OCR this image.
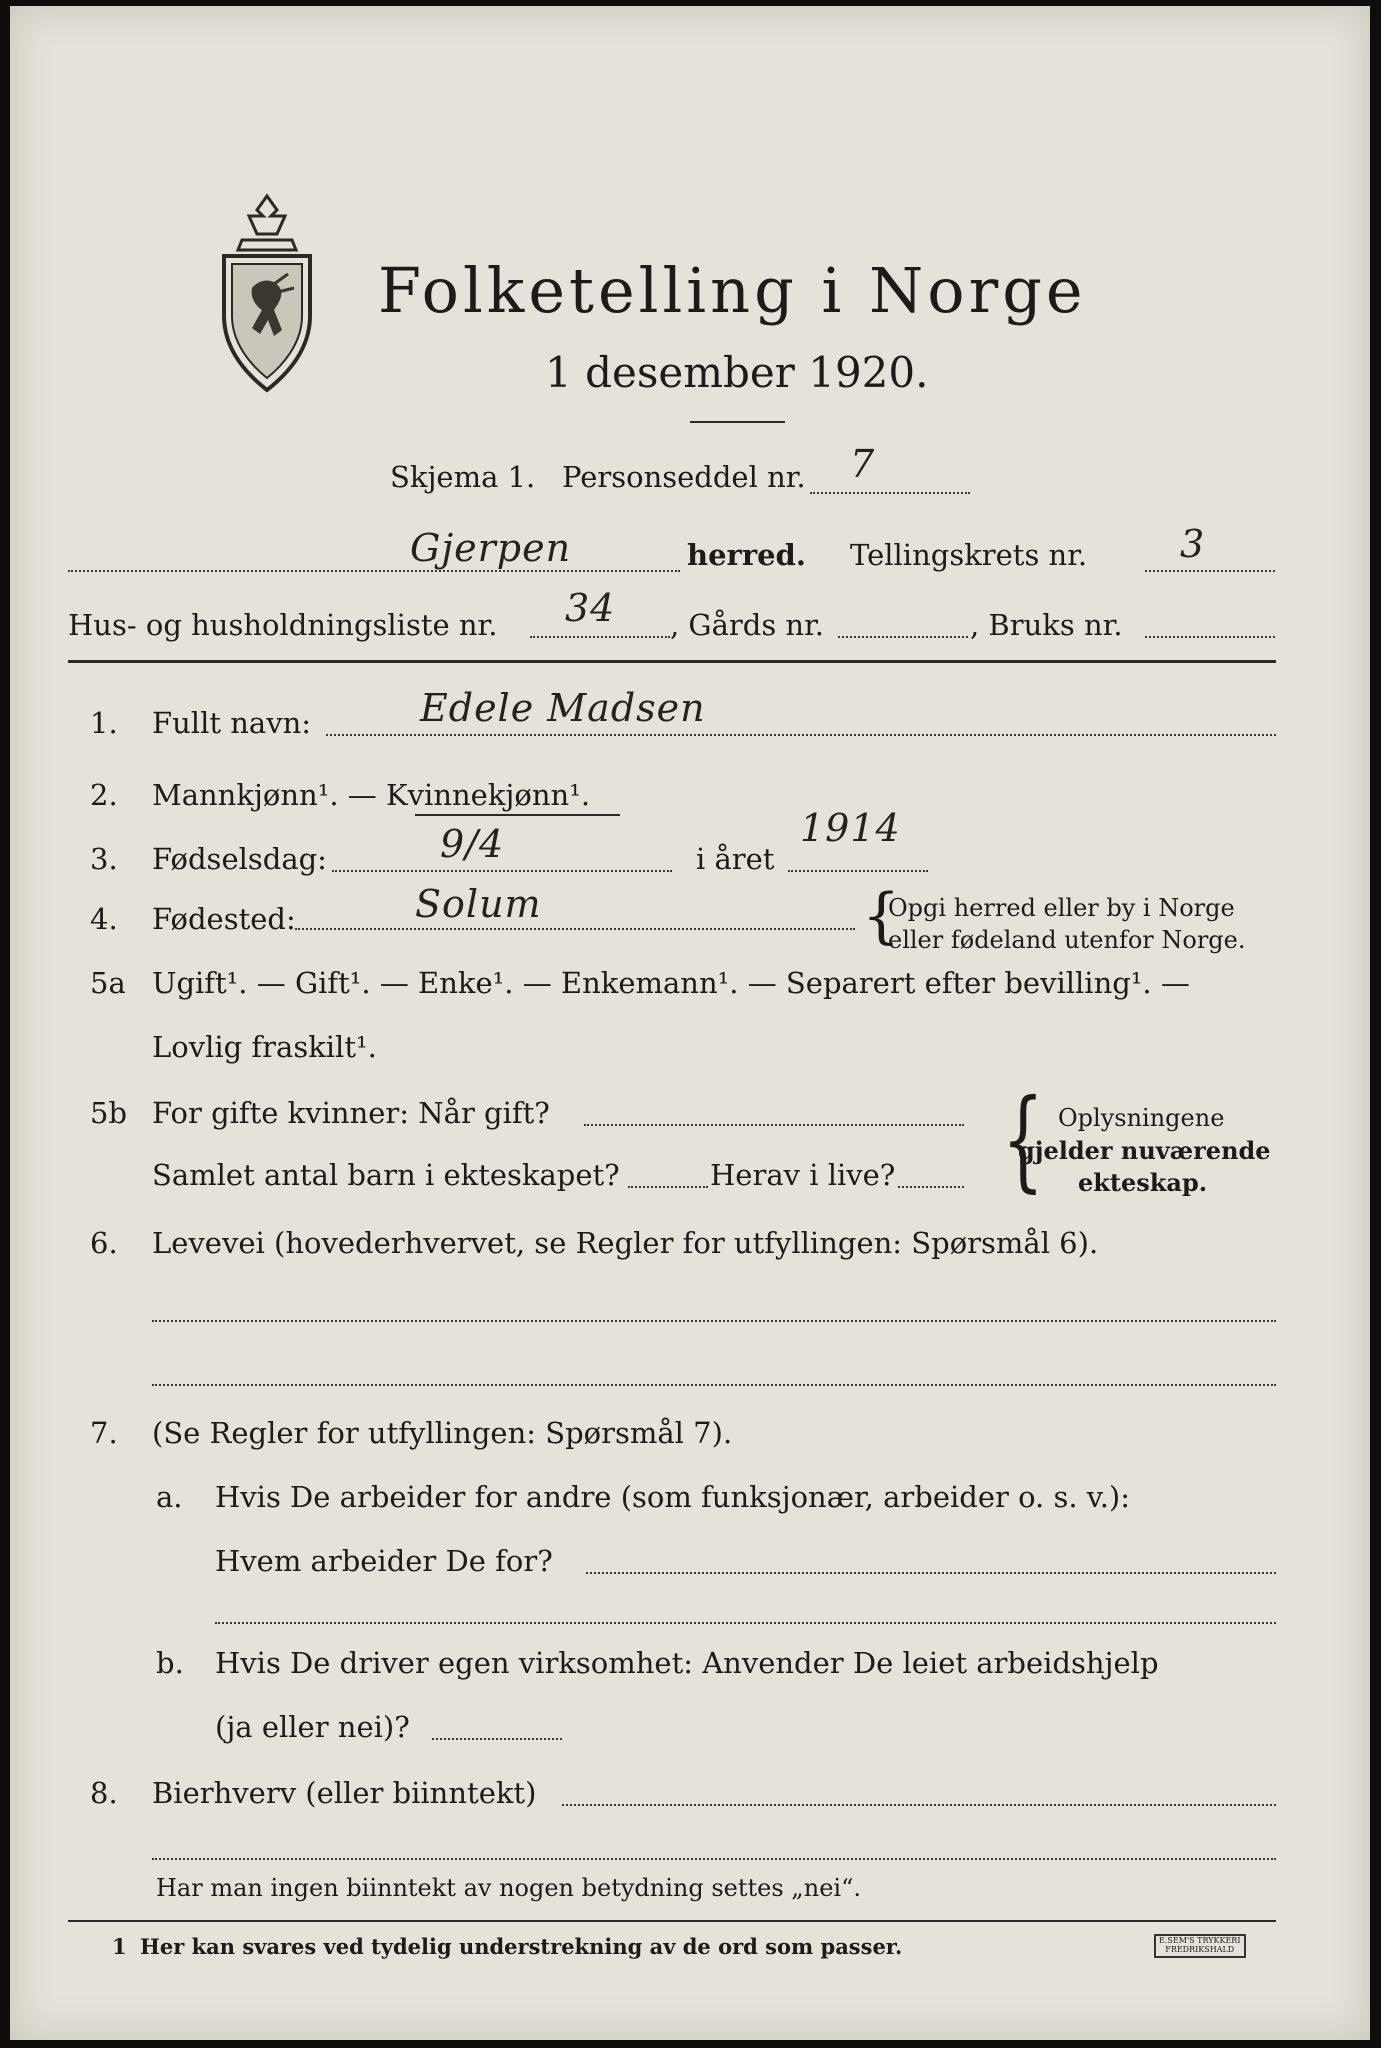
Folketelling i Norge
1 desember 1920.
Skjema 1. Personseddel nr. 7
Gjerpen	herred. Tellingskrets nr. 3
Hus- og husholdningsliste nr. 34 , Gårds nr.	, Bruks nr.
1. Fullt navn:	Edele Madsen
2. Mannkjønn¹. — Kvinnekjønn¹.
3. Fødselsdag:	9/4	i året
1914
4. Fødested:	Solum	{
Opgi herred eller by i Norge
eller fødeland utenfor Norge.
5a Ugift¹. — Gift¹. — Enke¹. — Enkemann¹. — Separert efter bevilling¹. —
Lovlig fraskilt¹.
5b For gifte kvinner: Når gift?
Samlet antal barn i ekteskapet?	Herav i live? { Oplysningene
gjelder nuværende
ekteskap.
6. Levevei (hovederhvervet, se Regler for utfyllingen: Spørsmål 6).
7. (Se Regler for utfyllingen: Spørsmål 7).
a. Hvis De arbeider for andre (som funksjonær, arbeider o. s. v.):
Hvem arbeider De for?
b. Hvis De driver egen virksomhet: Anvender De leiet arbeidshjelp
(ja eller nei)?
8. Bierhverv (eller biinntekt)
Har man ingen biinntekt av nogen betydning settes „nei“.
1 Her kan svares ved tydelig understrekning av de ord som passer.	E.SEM'S TRYKKERI
FREDRIKSHALD
